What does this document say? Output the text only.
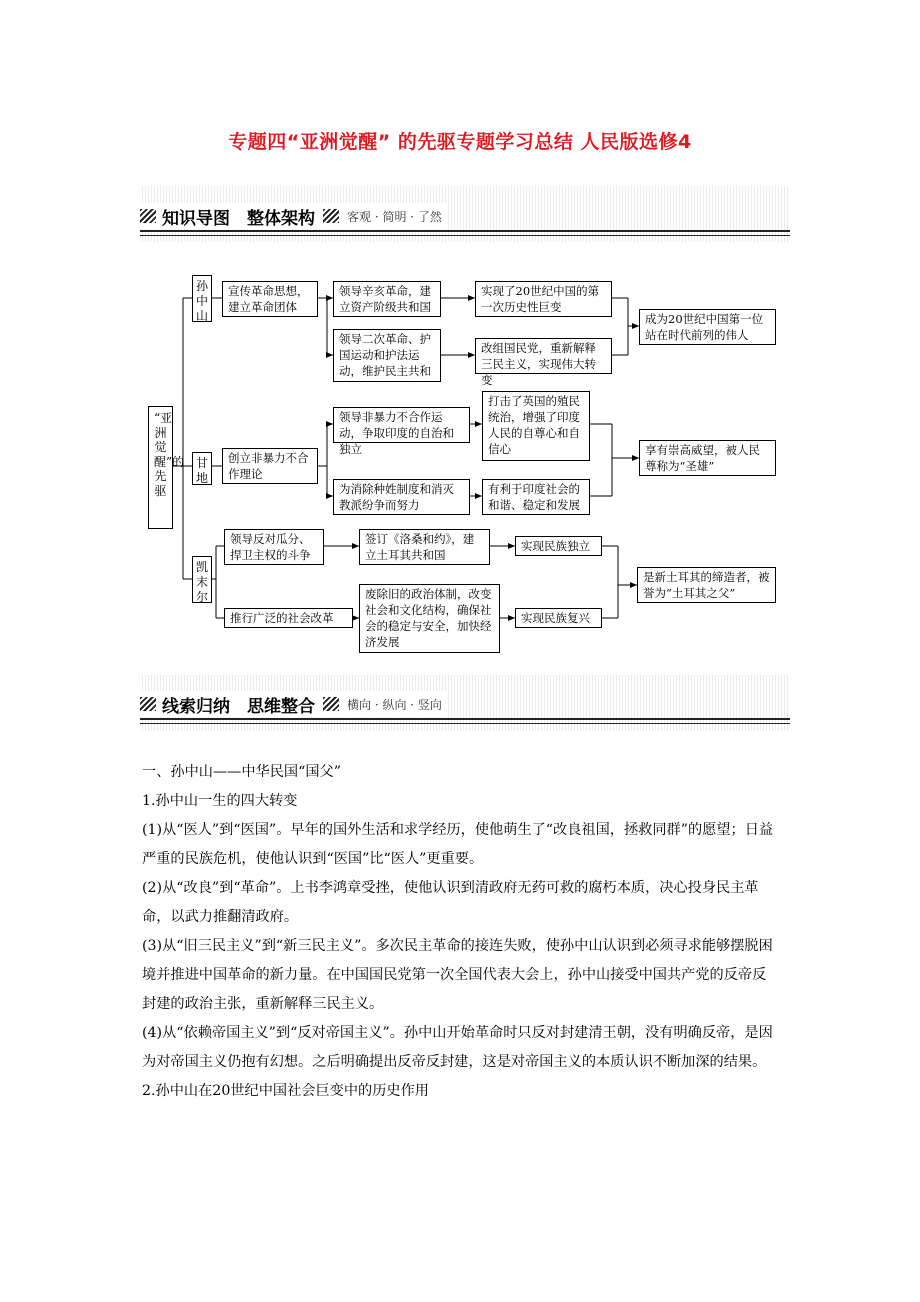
专题四“亚洲觉醒” 的先驱专题学习总结 人民版选修4
知识导图　整体架构	客观 · 简明 · 了然
“亚洲觉醒”的先驱
孙中山
甘地
凯末尔
宣传革命思想，建立革命团体
领导辛亥革命，建立资产阶级共和国
领导二次革命、护国运动和护法运动，维护民主共和
实现了20世纪中国的第一次历史性巨变
改组国民党，重新解释三民主义，实现伟大转变
成为20世纪中国第一位站在时代前列的伟人
创立非暴力不合作理论
领导非暴力不合作运动，争取印度的自治和独立
为消除种姓制度和消灭教派纷争而努力
打击了英国的殖民统治，增强了印度人民的自尊心和自信心
有利于印度社会的和谐、稳定和发展
享有崇高威望，被人民尊称为“圣雄”
领导反对瓜分、捍卫主权的斗争
推行广泛的社会改革
签订《洛桑和约》，建立土耳其共和国
废除旧的政治体制，改变社会和文化结构，确保社会的稳定与安全，加快经济发展
实现民族独立
实现民族复兴
是新土耳其的缔造者，被誉为“土耳其之父”
线索归纳　思维整合	横向 · 纵向 · 竖向

一、孙中山——中华民国“国父”

1.孙中山一生的四大转变

(1)从“医人”到“医国”。早年的国外生活和求学经历，使他萌生了“改良祖国，拯救同群”的愿望；日益严重的民族危机，使他认识到“医国”比“医人”更重要。

(2)从“改良”到“革命”。上书李鸿章受挫，使他认识到清政府无药可救的腐朽本质，决心投身民主革命，以武力推翻清政府。

(3)从“旧三民主义”到“新三民主义”。多次民主革命的接连失败，使孙中山认识到必须寻求能够摆脱困境并推进中国革命的新力量。在中国国民党第一次全国代表大会上，孙中山接受中国共产党的反帝反封建的政治主张，重新解释三民主义。

(4)从“依赖帝国主义”到“反对帝国主义”。孙中山开始革命时只反对封建清王朝，没有明确反帝，是因为对帝国主义仍抱有幻想。之后明确提出反帝反封建，这是对帝国主义的本质认识不断加深的结果。

2.孙中山在20世纪中国社会巨变中的历史作用
